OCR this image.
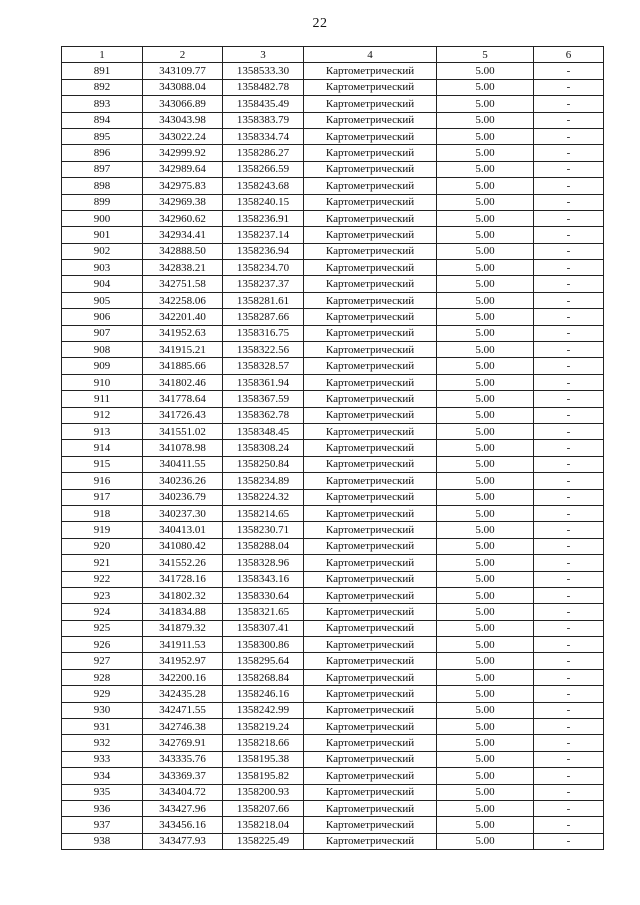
22
1	2	3	4	5	6
891	343109.77	1358533.30	Картометрический	5.00	-
892	343088.04	1358482.78	Картометрический	5.00	-
893	343066.89	1358435.49	Картометрический	5.00	-
894	343043.98	1358383.79	Картометрический	5.00	-
895	343022.24	1358334.74	Картометрический	5.00	-
896	342999.92	1358286.27	Картометрический	5.00	-
897	342989.64	1358266.59	Картометрический	5.00	-
898	342975.83	1358243.68	Картометрический	5.00	-
899	342969.38	1358240.15	Картометрический	5.00	-
900	342960.62	1358236.91	Картометрический	5.00	-
901	342934.41	1358237.14	Картометрический	5.00	-
902	342888.50	1358236.94	Картометрический	5.00	-
903	342838.21	1358234.70	Картометрический	5.00	-
904	342751.58	1358237.37	Картометрический	5.00	-
905	342258.06	1358281.61	Картометрический	5.00	-
906	342201.40	1358287.66	Картометрический	5.00	-
907	341952.63	1358316.75	Картометрический	5.00	-
908	341915.21	1358322.56	Картометрический	5.00	-
909	341885.66	1358328.57	Картометрический	5.00	-
910	341802.46	1358361.94	Картометрический	5.00	-
911	341778.64	1358367.59	Картометрический	5.00	-
912	341726.43	1358362.78	Картометрический	5.00	-
913	341551.02	1358348.45	Картометрический	5.00	-
914	341078.98	1358308.24	Картометрический	5.00	-
915	340411.55	1358250.84	Картометрический	5.00	-
916	340236.26	1358234.89	Картометрический	5.00	-
917	340236.79	1358224.32	Картометрический	5.00	-
918	340237.30	1358214.65	Картометрический	5.00	-
919	340413.01	1358230.71	Картометрический	5.00	-
920	341080.42	1358288.04	Картометрический	5.00	-
921	341552.26	1358328.96	Картометрический	5.00	-
922	341728.16	1358343.16	Картометрический	5.00	-
923	341802.32	1358330.64	Картометрический	5.00	-
924	341834.88	1358321.65	Картометрический	5.00	-
925	341879.32	1358307.41	Картометрический	5.00	-
926	341911.53	1358300.86	Картометрический	5.00	-
927	341952.97	1358295.64	Картометрический	5.00	-
928	342200.16	1358268.84	Картометрический	5.00	-
929	342435.28	1358246.16	Картометрический	5.00	-
930	342471.55	1358242.99	Картометрический	5.00	-
931	342746.38	1358219.24	Картометрический	5.00	-
932	342769.91	1358218.66	Картометрический	5.00	-
933	343335.76	1358195.38	Картометрический	5.00	-
934	343369.37	1358195.82	Картометрический	5.00	-
935	343404.72	1358200.93	Картометрический	5.00	-
936	343427.96	1358207.66	Картометрический	5.00	-
937	343456.16	1358218.04	Картометрический	5.00	-
938	343477.93	1358225.49	Картометрический	5.00	-
